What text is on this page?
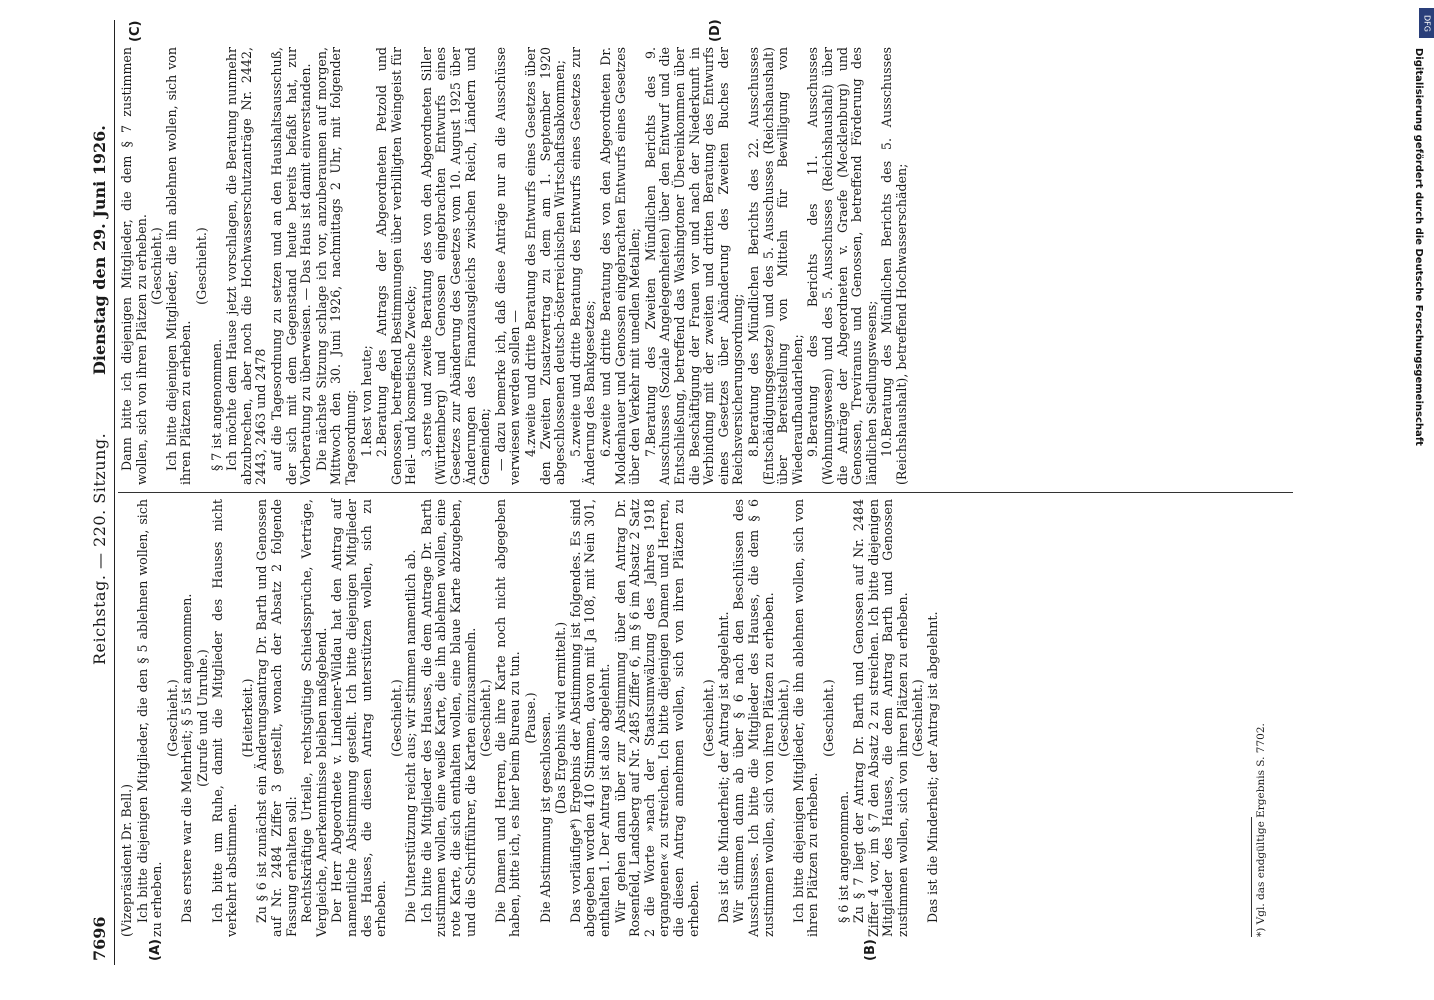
7696
Reichstag. — 220. Sitzung.
Dienstag den 29. Juni 1926.

(Vizepräsident Dr. Bell.) Ich bitte diejenigen Mitglieder, die den § 5 ablehnen wollen, sich zu erheben.

(Geschieht.) Das erstere war die Mehrheit; § 5 ist angenommen. (Zurufe und Unruhe.) Ich bitte um Ruhe, damit die Mitglieder des Hauses nicht verkehrt abstimmen.

(Heiterkeit.) Zu § 6 ist zunächst ein Änderungsantrag Dr. Barth und Genossen auf Nr. 2484 Ziffer 3 gestellt, wonach der Absatz 2 folgende Fassung erhalten soll: Rechtskräftige Urteile, rechtsgültige Schiedssprüche, Verträge, Vergleiche, Anerkenntnisse bleiben maßgebend. Der Herr Abgeordnete v. Lindeiner-Wildau hat den Antrag auf namentliche Abstimmung gestellt. Ich bitte diejenigen Mitglieder des Hauses, die diesen Antrag unterstützen wollen, sich zu erheben.

(Geschieht.) Die Unterstützung reicht aus; wir stimmen namentlich ab. Ich bitte die Mitglieder des Hauses, die dem Antrage Dr. Barth zustimmen wollen, eine weiße Karte, die ihn ablehnen wollen, eine rote Karte, die sich enthalten wollen, eine blaue Karte abzugeben, und die Schriftführer, die Karten einzusammeln. (Geschieht.) Die Damen und Herren, die ihre Karte noch nicht abgegeben haben, bitte ich, es hier beim Bureau zu tun. (Pause.) Die Abstimmung ist geschlossen. (Das Ergebnis wird ermittelt.) Das vorläufige*) Ergebnis der Abstimmung ist folgendes. Es sind abgegeben worden 410 Stimmen, davon mit Ja 108, mit Nein 301, enthalten 1. Der Antrag ist also abgelehnt. Wir gehen dann über zur Abstimmung über den Antrag Dr. Rosenfeld, Landsberg auf Nr. 2485 Ziffer 6, im § 6 im Absatz 2 Satz 2 die Worte »nach der Staatsumwälzung des Jahres 1918 ergangenen« zu streichen. Ich bitte diejenigen Damen und Herren, die diesen Antrag annehmen wollen, sich von ihren Plätzen zu erheben.

(Geschieht.) Das ist die Minderheit; der Antrag ist abgelehnt. Wir stimmen dann ab über § 6 nach den Beschlüssen des Ausschusses. Ich bitte die Mitglieder des Hauses, die dem § 6 zustimmen wollen, sich von ihren Plätzen zu erheben. (Geschieht.) Ich bitte diejenigen Mitglieder, die ihn ablehnen wollen, sich von ihren Plätzen zu erheben.

(Geschieht.)

§ 6 ist angenommen. Zu § 7 liegt der Antrag Dr. Barth und Genossen auf Nr. 2484 Ziffer 4 vor, im § 7 den Absatz 2 zu streichen. Ich bitte diejenigen Mitglieder des Hauses, die dem Antrag Barth und Genossen zustimmen wollen, sich von ihren Plätzen zu erheben. (Geschieht.) Das ist die Minderheit; der Antrag ist abgelehnt.

Dann bitte ich diejenigen Mitglieder, die dem § 7 zustimmen wollen, sich von ihren Plätzen zu erheben. (Geschieht.) Ich bitte diejenigen Mitglieder, die ihn ablehnen wollen, sich von ihren Plätzen zu erheben.

(Geschieht.)

§ 7 ist angenommen. Ich möchte dem Hause jetzt vorschlagen, die Beratung nunmehr abzubrechen, aber noch die Hochwasserschutzanträge Nr. 2442, 2443, 2463 und 2478 auf die Tagesordnung zu setzen und an den Haushaltsausschuß, der sich mit dem Gegenstand heute bereits befaßt hat, zur Vorberatung zu überweisen. — Das Haus ist damit einverstanden. Die nächste Sitzung schlage ich vor, anzuberaumen auf morgen, Mittwoch den 30. Juni 1926, nachmittags 2 Uhr, mit folgender Tagesordnung: 1.Rest von heute;

2.Beratung des Antrags der Abgeordneten Petzold und Genossen, betreffend Bestimmungen über verbilligten Weingeist für Heil- und kosmetische Zwecke; 3.erste und zweite Beratung des von den Abgeordneten Siller (Württemberg) und Genossen eingebrachten Entwurfs eines Gesetzes zur Abänderung des Gesetzes vom 10. August 1925 über Änderungen des Finanzausgleichs zwischen Reich, Ländern und Gemeinden; — dazu bemerke ich, daß diese Anträge nur an die Ausschüsse verwiesen werden sollen — 4.zweite und dritte Beratung des Entwurfs eines Gesetzes über den Zweiten Zusatzvertrag zu dem am 1. September 1920 abgeschlossenen deutsch-österreichischen Wirtschaftsabkommen; 5.zweite und dritte Beratung des Entwurfs eines Gesetzes zur Änderung des Bankgesetzes; 6.zweite und dritte Beratung des von den Abgeordneten Dr. Moldenhauer und Genossen eingebrachten Entwurfs eines Gesetzes über den Verkehr mit unedlen Metallen; 7.Beratung des Zweiten Mündlichen Berichts des 9. Ausschusses (Soziale Angelegenheiten) über den Entwurf und die Entschließung, betreffend das Washingtoner Übereinkommen über die Beschäftigung der Frauen vor und nach der Niederkunft in Verbindung mit der zweiten und dritten Beratung des Entwurfs eines Gesetzes über Abänderung des Zweiten Buches der Reichsversicherungsordnung; 8.Beratung des Mündlichen Berichts des 22. Ausschusses (Entschädigungsgesetze) und des 5. Ausschusses (Reichshaushalt) über Bereitstellung von Mitteln für Bewilligung von Wiederaufbaudarlehen; 9.Beratung des Berichts des 11. Ausschusses (Wohnungswesen) und des 5. Ausschusses (Reichshaushalt) über die Anträge der Abgeordneten v. Graefe (Mecklenburg) und Genossen, Treviranus und Genossen, betreffend Förderung des ländlichen Siedlungswesens; 10.Beratung des Mündlichen Berichts des 5. Ausschusses (Reichshaushalt), betreffend Hochwasserschäden;

(A)	(B)
(C)	(D)
*) Vgl. das endgültige Ergebnis S. 7702.
DFG
Digitalisierung gefördert durch die Deutsche Forschungsgemeinschaft
